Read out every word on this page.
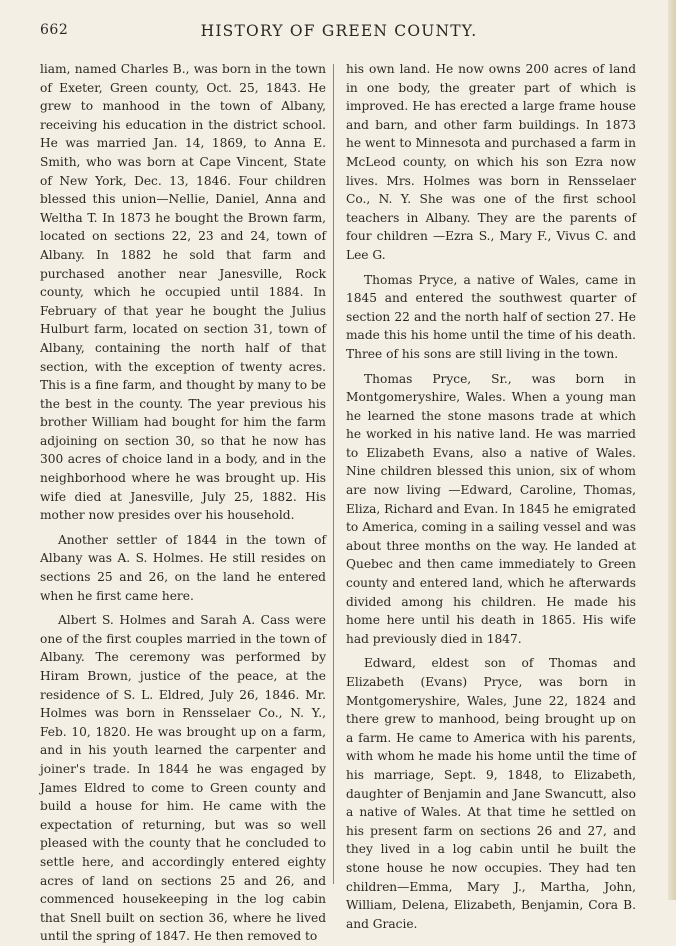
662	HISTORY OF GREEN COUNTY.

liam, named Charles B., was born in the town of Exeter, Green county, Oct. 25, 1843. He grew to manhood in the town of Albany, receiving his education in the district school. He was married Jan. 14, 1869, to Anna E. Smith, who was born at Cape Vincent, State of New York, Dec. 13, 1846. Four children blessed this union—Nellie, Daniel, Anna and Weltha T. In 1873 he bought the Brown farm, located on sections 22, 23 and 24, town of Albany. In 1882 he sold that farm and purchased another near Janesville, Rock county, which he occupied until 1884. In February of that year he bought the Julius Hulburt farm, located on section 31, town of Albany, containing the north half of that section, with the exception of twenty acres. This is a fine farm, and thought by many to be the best in the county. The year previous his brother William had bought for him the farm adjoining on section 30, so that he now has 300 acres of choice land in a body, and in the neighborhood where he was brought up. His wife died at Janesville, July 25, 1882. His mother now presides over his household.

Another settler of 1844 in the town of Albany was A. S. Holmes. He still resides on sections 25 and 26, on the land he entered when he first came here.

Albert S. Holmes and Sarah A. Cass were one of the first couples married in the town of Albany. The ceremony was performed by Hiram Brown, justice of the peace, at the residence of S. L. Eldred, July 26, 1846. Mr. Holmes was born in Rensselaer Co., N. Y., Feb. 10, 1820. He was brought up on a farm, and in his youth learned the carpenter and joiner's trade. In 1844 he was engaged by James Eldred to come to Green county and build a house for him. He came with the expectation of returning, but was so well pleased with the county that he concluded to settle here, and accordingly entered eighty acres of land on sections 25 and 26, and commenced housekeeping in the log cabin that Snell built on section 36, where he lived until the spring of 1847. He then removed to

his own land. He now owns 200 acres of land in one body, the greater part of which is improved. He has erected a large frame house and barn, and other farm buildings. In 1873 he went to Minnesota and purchased a farm in McLeod county, on which his son Ezra now lives. Mrs. Holmes was born in Rensselaer Co., N. Y. She was one of the first school teachers in Albany. They are the parents of four children —Ezra S., Mary F., Vivus C. and Lee G.

Thomas Pryce, a native of Wales, came in 1845 and entered the southwest quarter of section 22 and the north half of section 27. He made this his home until the time of his death. Three of his sons are still living in the town.

Thomas Pryce, Sr., was born in Montgomeryshire, Wales. When a young man he learned the stone masons trade at which he worked in his native land. He was married to Elizabeth Evans, also a native of Wales. Nine children blessed this union, six of whom are now living —Edward, Caroline, Thomas, Eliza, Richard and Evan. In 1845 he emigrated to America, coming in a sailing vessel and was about three months on the way. He landed at Quebec and then came immediately to Green county and entered land, which he afterwards divided among his children. He made his home here until his death in 1865. His wife had previously died in 1847.

Edward, eldest son of Thomas and Elizabeth (Evans) Pryce, was born in Montgomeryshire, Wales, June 22, 1824 and there grew to manhood, being brought up on a farm. He came to America with his parents, with whom he made his home until the time of his marriage, Sept. 9, 1848, to Elizabeth, daughter of Benjamin and Jane Swancutt, also a native of Wales. At that time he settled on his present farm on sections 26 and 27, and they lived in a log cabin until he built the stone house he now occupies. They had ten children—Emma, Mary J., Martha, John, William, Delena, Elizabeth, Benjamin, Cora B. and Gracie.
